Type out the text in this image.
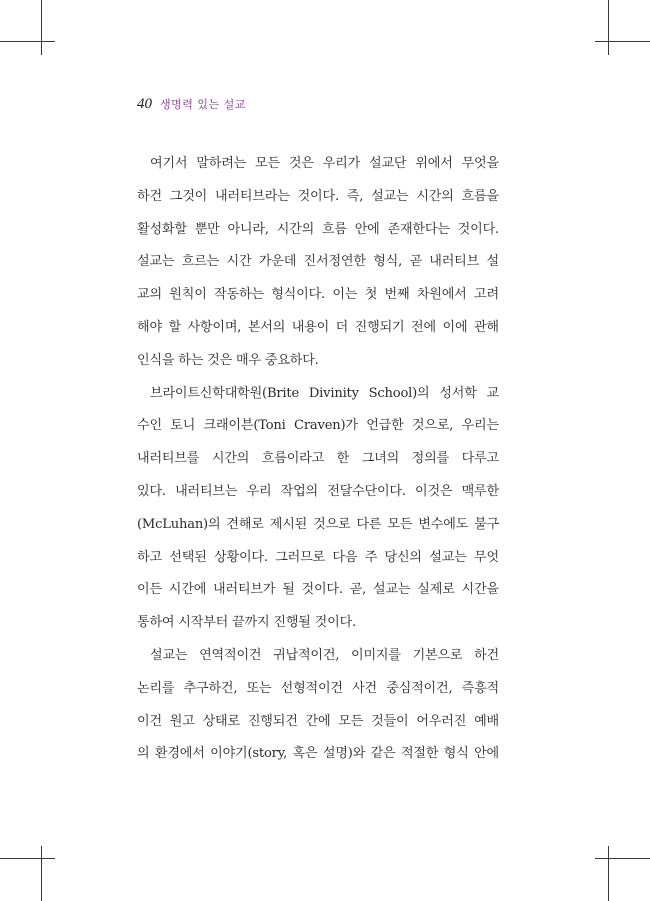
40 생명력 있는 설교
여기서 말하려는 모든 것은 우리가 설교단 위에서 무엇을
하건 그것이 내러티브라는 것이다. 즉, 설교는 시간의 흐름을
활성화할 뿐만 아니라, 시간의 흐름 안에 존재한다는 것이다.
설교는 흐르는 시간 가운데 진서정연한 형식, 곧 내러티브 설
교의 원칙이 작동하는 형식이다. 이는 첫 번째 차원에서 고려
해야 할 사항이며, 본서의 내용이 더 진행되기 전에 이에 관해
인식을 하는 것은 매우 중요하다.
브라이트신학대학원(Brite Divinity School)의 성서학 교
수인 토니 크래이븐(Toni Craven)가 언급한 것으로, 우리는
내러티브를 시간의 흐름이라고 한 그녀의 정의를 다루고
있다. 내러티브는 우리 작업의 전달수단이다. 이것은 맥루한
(McLuhan)의 견해로 제시된 것으로 다른 모든 변수에도 불구
하고 선택된 상황이다. 그러므로 다음 주 당신의 설교는 무엇
이든 시간에 내러티브가 될 것이다. 곧, 설교는 실제로 시간을
통하여 시작부터 끝까지 진행될 것이다.
설교는 연역적이건 귀납적이건, 이미지를 기본으로 하건
논리를 추구하건, 또는 선형적이건 사건 중심적이건, 즉흥적
이건 원고 상태로 진행되건 간에 모든 것들이 어우러진 예배
의 환경에서 이야기(story, 혹은 설명)와 같은 적절한 형식 안에
